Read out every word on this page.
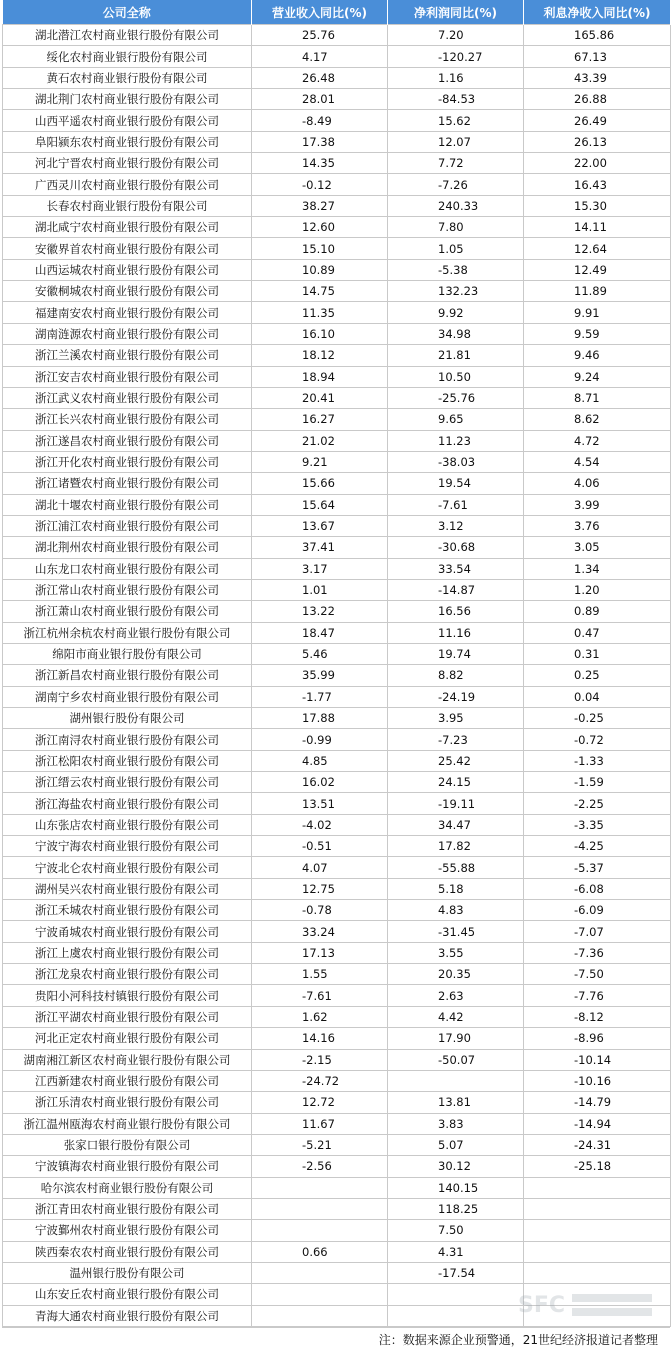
公司全称	营业收入同比(%)	净利润同比(%)	利息净收入同比(%)
湖北潜江农村商业银行股份有限公司	25.76	7.20	165.86
绥化农村商业银行股份有限公司	4.17	-120.27	67.13
黄石农村商业银行股份有限公司	26.48	1.16	43.39
湖北荆门农村商业银行股份有限公司	28.01	-84.53	26.88
山西平遥农村商业银行股份有限公司	-8.49	15.62	26.49
阜阳颍东农村商业银行股份有限公司	17.38	12.07	26.13
河北宁晋农村商业银行股份有限公司	14.35	7.72	22.00
广西灵川农村商业银行股份有限公司	-0.12	-7.26	16.43
长春农村商业银行股份有限公司	38.27	240.33	15.30
湖北咸宁农村商业银行股份有限公司	12.60	7.80	14.11
安徽界首农村商业银行股份有限公司	15.10	1.05	12.64
山西运城农村商业银行股份有限公司	10.89	-5.38	12.49
安徽桐城农村商业银行股份有限公司	14.75	132.23	11.89
福建南安农村商业银行股份有限公司	11.35	9.92	9.91
湖南涟源农村商业银行股份有限公司	16.10	34.98	9.59
浙江兰溪农村商业银行股份有限公司	18.12	21.81	9.46
浙江安吉农村商业银行股份有限公司	18.94	10.50	9.24
浙江武义农村商业银行股份有限公司	20.41	-25.76	8.71
浙江长兴农村商业银行股份有限公司	16.27	9.65	8.62
浙江遂昌农村商业银行股份有限公司	21.02	11.23	4.72
浙江开化农村商业银行股份有限公司	9.21	-38.03	4.54
浙江诸暨农村商业银行股份有限公司	15.66	19.54	4.06
湖北十堰农村商业银行股份有限公司	15.64	-7.61	3.99
浙江浦江农村商业银行股份有限公司	13.67	3.12	3.76
湖北荆州农村商业银行股份有限公司	37.41	-30.68	3.05
山东龙口农村商业银行股份有限公司	3.17	33.54	1.34
浙江常山农村商业银行股份有限公司	1.01	-14.87	1.20
浙江萧山农村商业银行股份有限公司	13.22	16.56	0.89
浙江杭州余杭农村商业银行股份有限公司	18.47	11.16	0.47
绵阳市商业银行股份有限公司	5.46	19.74	0.31
浙江新昌农村商业银行股份有限公司	35.99	8.82	0.25
湖南宁乡农村商业银行股份有限公司	-1.77	-24.19	0.04
湖州银行股份有限公司	17.88	3.95	-0.25
浙江南浔农村商业银行股份有限公司	-0.99	-7.23	-0.72
浙江松阳农村商业银行股份有限公司	4.85	25.42	-1.33
浙江缙云农村商业银行股份有限公司	16.02	24.15	-1.59
浙江海盐农村商业银行股份有限公司	13.51	-19.11	-2.25
山东张店农村商业银行股份有限公司	-4.02	34.47	-3.35
宁波宁海农村商业银行股份有限公司	-0.51	17.82	-4.25
宁波北仑农村商业银行股份有限公司	4.07	-55.88	-5.37
湖州吴兴农村商业银行股份有限公司	12.75	5.18	-6.08
浙江禾城农村商业银行股份有限公司	-0.78	4.83	-6.09
宁波甬城农村商业银行股份有限公司	33.24	-31.45	-7.07
浙江上虞农村商业银行股份有限公司	17.13	3.55	-7.36
浙江龙泉农村商业银行股份有限公司	1.55	20.35	-7.50
贵阳小河科技村镇银行股份有限公司	-7.61	2.63	-7.76
浙江平湖农村商业银行股份有限公司	1.62	4.42	-8.12
河北正定农村商业银行股份有限公司	14.16	17.90	-8.96
湖南湘江新区农村商业银行股份有限公司	-2.15	-50.07	-10.14
江西新建农村商业银行股份有限公司	-24.72		-10.16
浙江乐清农村商业银行股份有限公司	12.72	13.81	-14.79
浙江温州瓯海农村商业银行股份有限公司	11.67	3.83	-14.94
张家口银行股份有限公司	-5.21	5.07	-24.31
宁波镇海农村商业银行股份有限公司	-2.56	30.12	-25.18
哈尔滨农村商业银行股份有限公司		140.15	
浙江青田农村商业银行股份有限公司		118.25	
宁波鄞州农村商业银行股份有限公司		7.50	
陕西秦农农村商业银行股份有限公司	0.66	4.31	
温州银行股份有限公司		-17.54	
山东安丘农村商业银行股份有限公司			
青海大通农村商业银行股份有限公司			
注：数据来源企业预警通，21世纪经济报道记者整理
SFC
